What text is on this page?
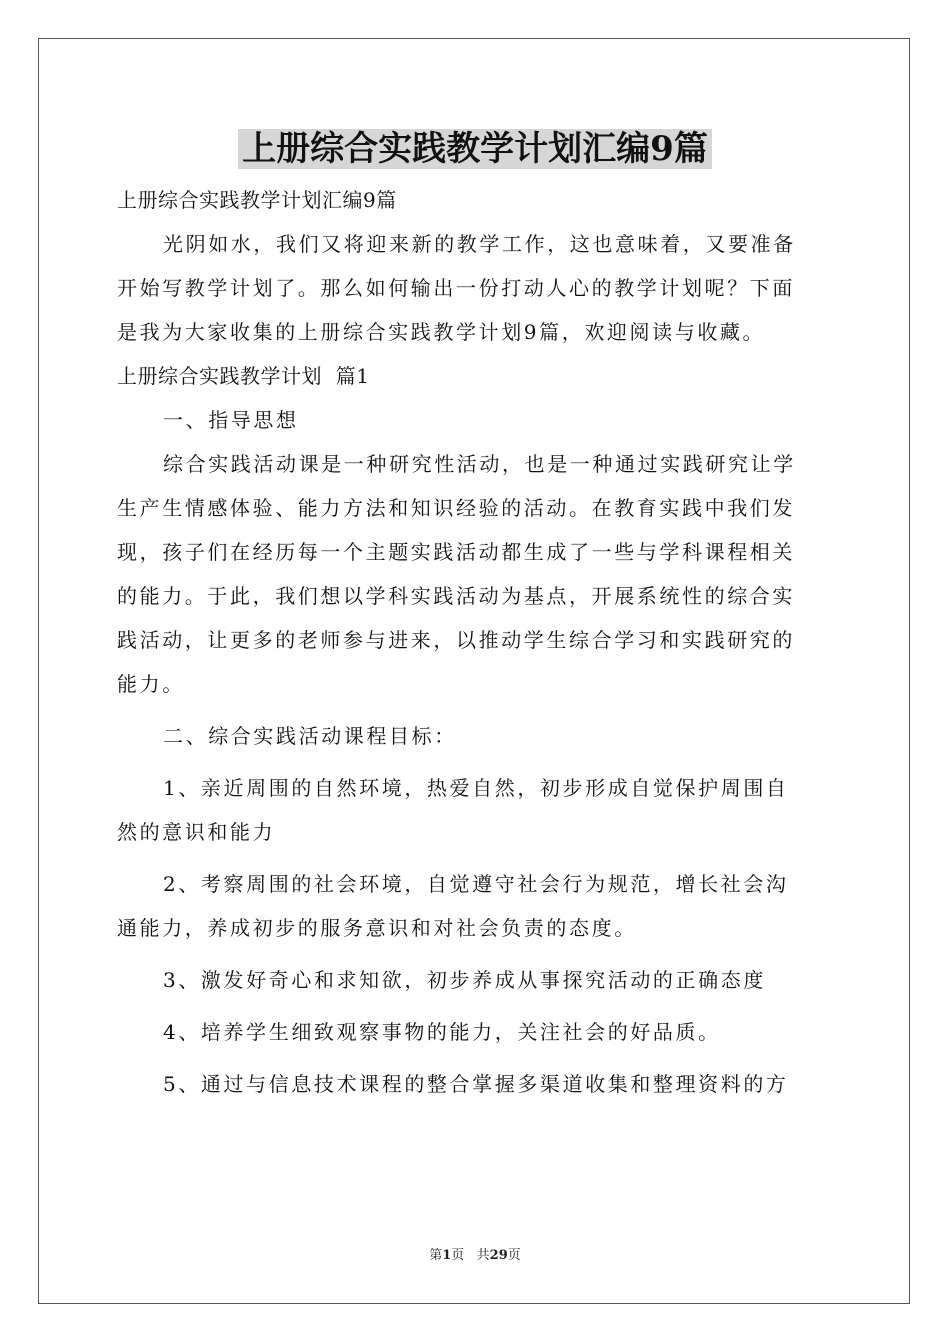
上册综合实践教学计划汇编9篇

上册综合实践教学计划汇编9篇

光阴如水，我们又将迎来新的教学工作，这也意味着，又要准备
开始写教学计划了。那么如何输出一份打动人心的教学计划呢？下面
是我为大家收集的上册综合实践教学计划9篇，欢迎阅读与收藏。

上册综合实践教学计划  篇1

一、指导思想

综合实践活动课是一种研究性活动，也是一种通过实践研究让学
生产生情感体验、能力方法和知识经验的活动。在教育实践中我们发
现，孩子们在经历每一个主题实践活动都生成了一些与学科课程相关
的能力。于此，我们想以学科实践活动为基点，开展系统性的综合实
践活动，让更多的老师参与进来，以推动学生综合学习和实践研究的
能力。

二、综合实践活动课程目标：

1、亲近周围的自然环境，热爱自然，初步形成自觉保护周围自
然的意识和能力

2、考察周围的社会环境，自觉遵守社会行为规范，增长社会沟
通能力，养成初步的服务意识和对社会负责的态度。

3、激发好奇心和求知欲，初步养成从事探究活动的正确态度

4、培养学生细致观察事物的能力，关注社会的好品质。

5、通过与信息技术课程的整合掌握多渠道收集和整理资料的方

第1页   共29页
